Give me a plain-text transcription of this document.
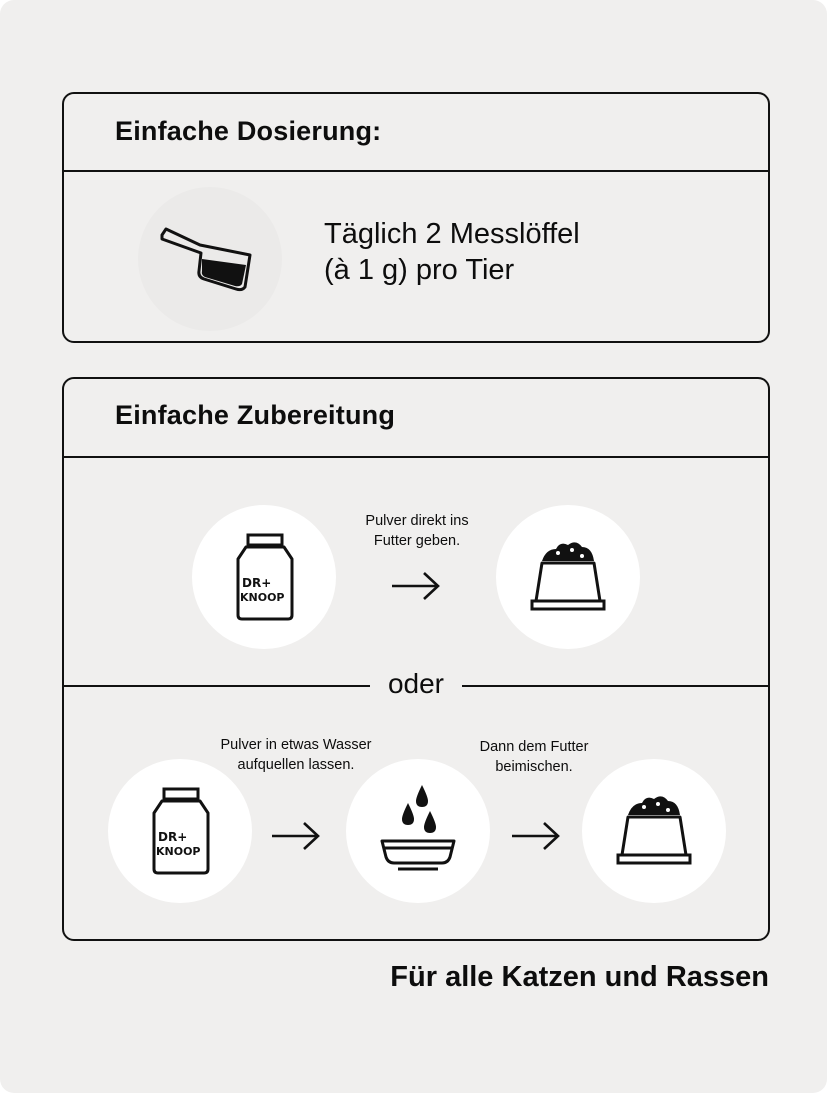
Einfache Dosierung:
Täglich 2 Messlöffel
(à 1 g) pro Tier
Einfache Zubereitung
DR+
KNOOP
Pulver direkt ins
Futter geben.
oder
Pulver in etwas Wasser
aufquellen lassen.
Dann dem Futter
beimischen.
DR+
KNOOP
Für alle Katzen und Rassen
